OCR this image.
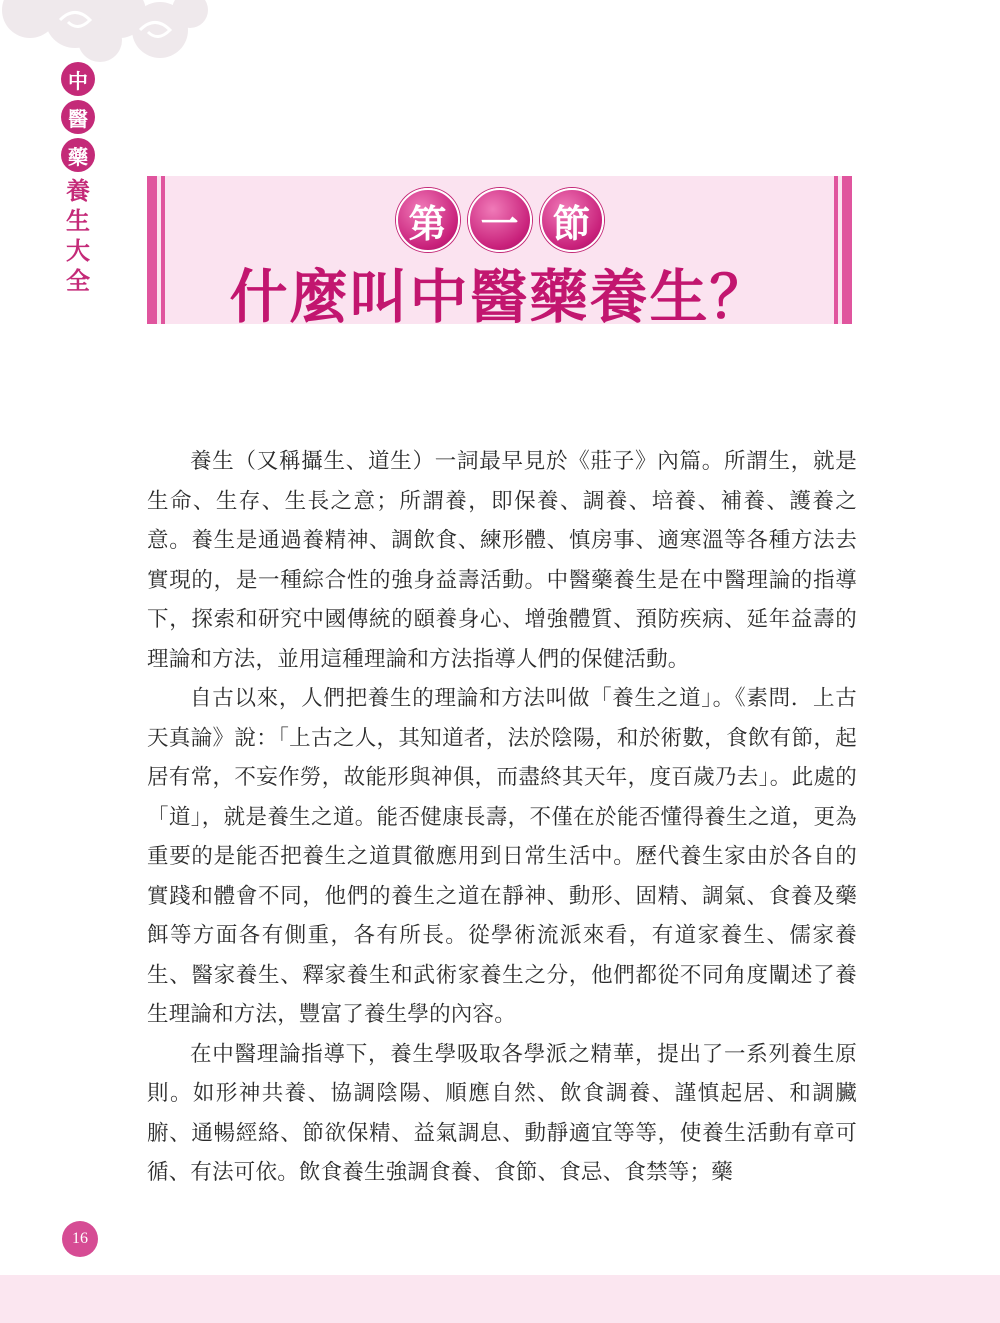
中
醫
藥
養
生
大
全
第 一 節
什麼叫中醫藥養生？

養生（又稱攝生、道生）一詞最早見於《莊子》內篇。所謂生，就是生命、生存、生長之意；所謂養，即保養、調養、培養、補養、護養之意。養生是通過養精神、調飲食、練形體、慎房事、適寒溫等各種方法去實現的，是一種綜合性的強身益壽活動。中醫藥養生是在中醫理論的指導下，探索和研究中國傳統的頤養身心、增強體質、預防疾病、延年益壽的理論和方法，並用這種理論和方法指導人們的保健活動。

自古以來，人們把養生的理論和方法叫做「養生之道」。《素問．上古天真論》說：「上古之人，其知道者，法於陰陽，和於術數，食飲有節，起居有常，不妄作勞，故能形與神俱，而盡終其天年，度百歲乃去」。此處的「道」，就是養生之道。能否健康長壽，不僅在於能否懂得養生之道，更為重要的是能否把養生之道貫徹應用到日常生活中。歷代養生家由於各自的實踐和體會不同，他們的養生之道在靜神、動形、固精、調氣、食養及藥餌等方面各有側重，各有所長。從學術流派來看，有道家養生、儒家養生、醫家養生、釋家養生和武術家養生之分，他們都從不同角度闡述了養生理論和方法，豐富了養生學的內容。

在中醫理論指導下，養生學吸取各學派之精華，提出了一系列養生原則。如形神共養、協調陰陽、順應自然、飲食調養、謹慎起居、和調臟腑、通暢經絡、節欲保精、益氣調息、動靜適宜等等，使養生活動有章可循、有法可依。飲食養生強調食養、食節、食忌、食禁等；藥

16
